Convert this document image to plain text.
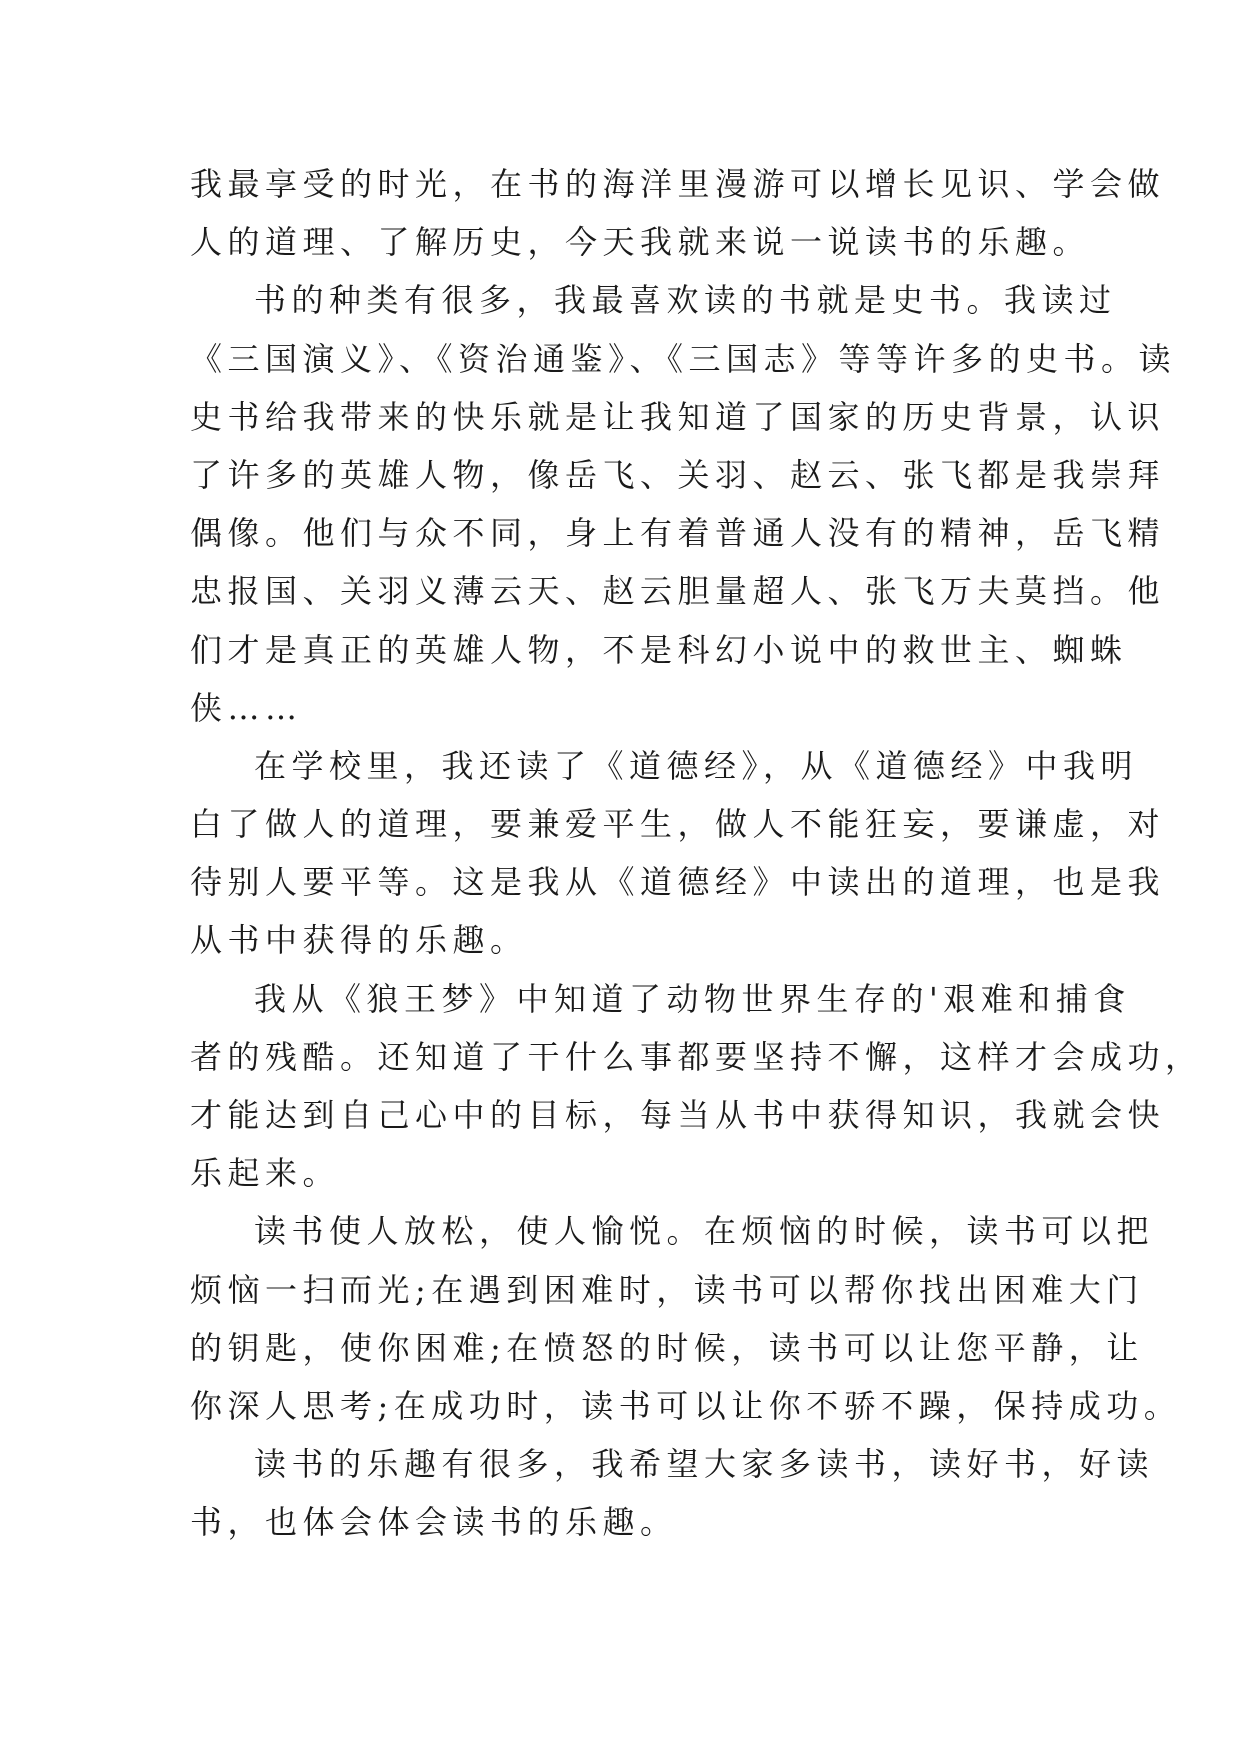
我最享受的时光，在书的海洋里漫游可以增长见识、学会做
人的道理、了解历史，今天我就来说一说读书的乐趣。
书的种类有很多，我最喜欢读的书就是史书。我读过
《三国演义》、《资治通鉴》、《三国志》等等许多的史书。读
史书给我带来的快乐就是让我知道了国家的历史背景，认识
了许多的英雄人物，像岳飞、关羽、赵云、张飞都是我崇拜
偶像。他们与众不同，身上有着普通人没有的精神，岳飞精
忠报国、关羽义薄云天、赵云胆量超人、张飞万夫莫挡。他
们才是真正的英雄人物，不是科幻小说中的救世主、蜘蛛
侠……
在学校里，我还读了《道德经》，从《道德经》中我明
白了做人的道理，要兼爱平生，做人不能狂妄，要谦虚，对
待别人要平等。这是我从《道德经》中读出的道理，也是我
从书中获得的乐趣。
我从《狼王梦》中知道了动物世界生存的'艰难和捕食
者的残酷。还知道了干什么事都要坚持不懈，这样才会成功，
才能达到自己心中的目标，每当从书中获得知识，我就会快
乐起来。
读书使人放松，使人愉悦。在烦恼的时候，读书可以把
烦恼一扫而光;在遇到困难时，读书可以帮你找出困难大门
的钥匙，使你困难;在愤怒的时候，读书可以让您平静，让
你深人思考;在成功时，读书可以让你不骄不躁，保持成功。
读书的乐趣有很多，我希望大家多读书，读好书，好读
书，也体会体会读书的乐趣。
